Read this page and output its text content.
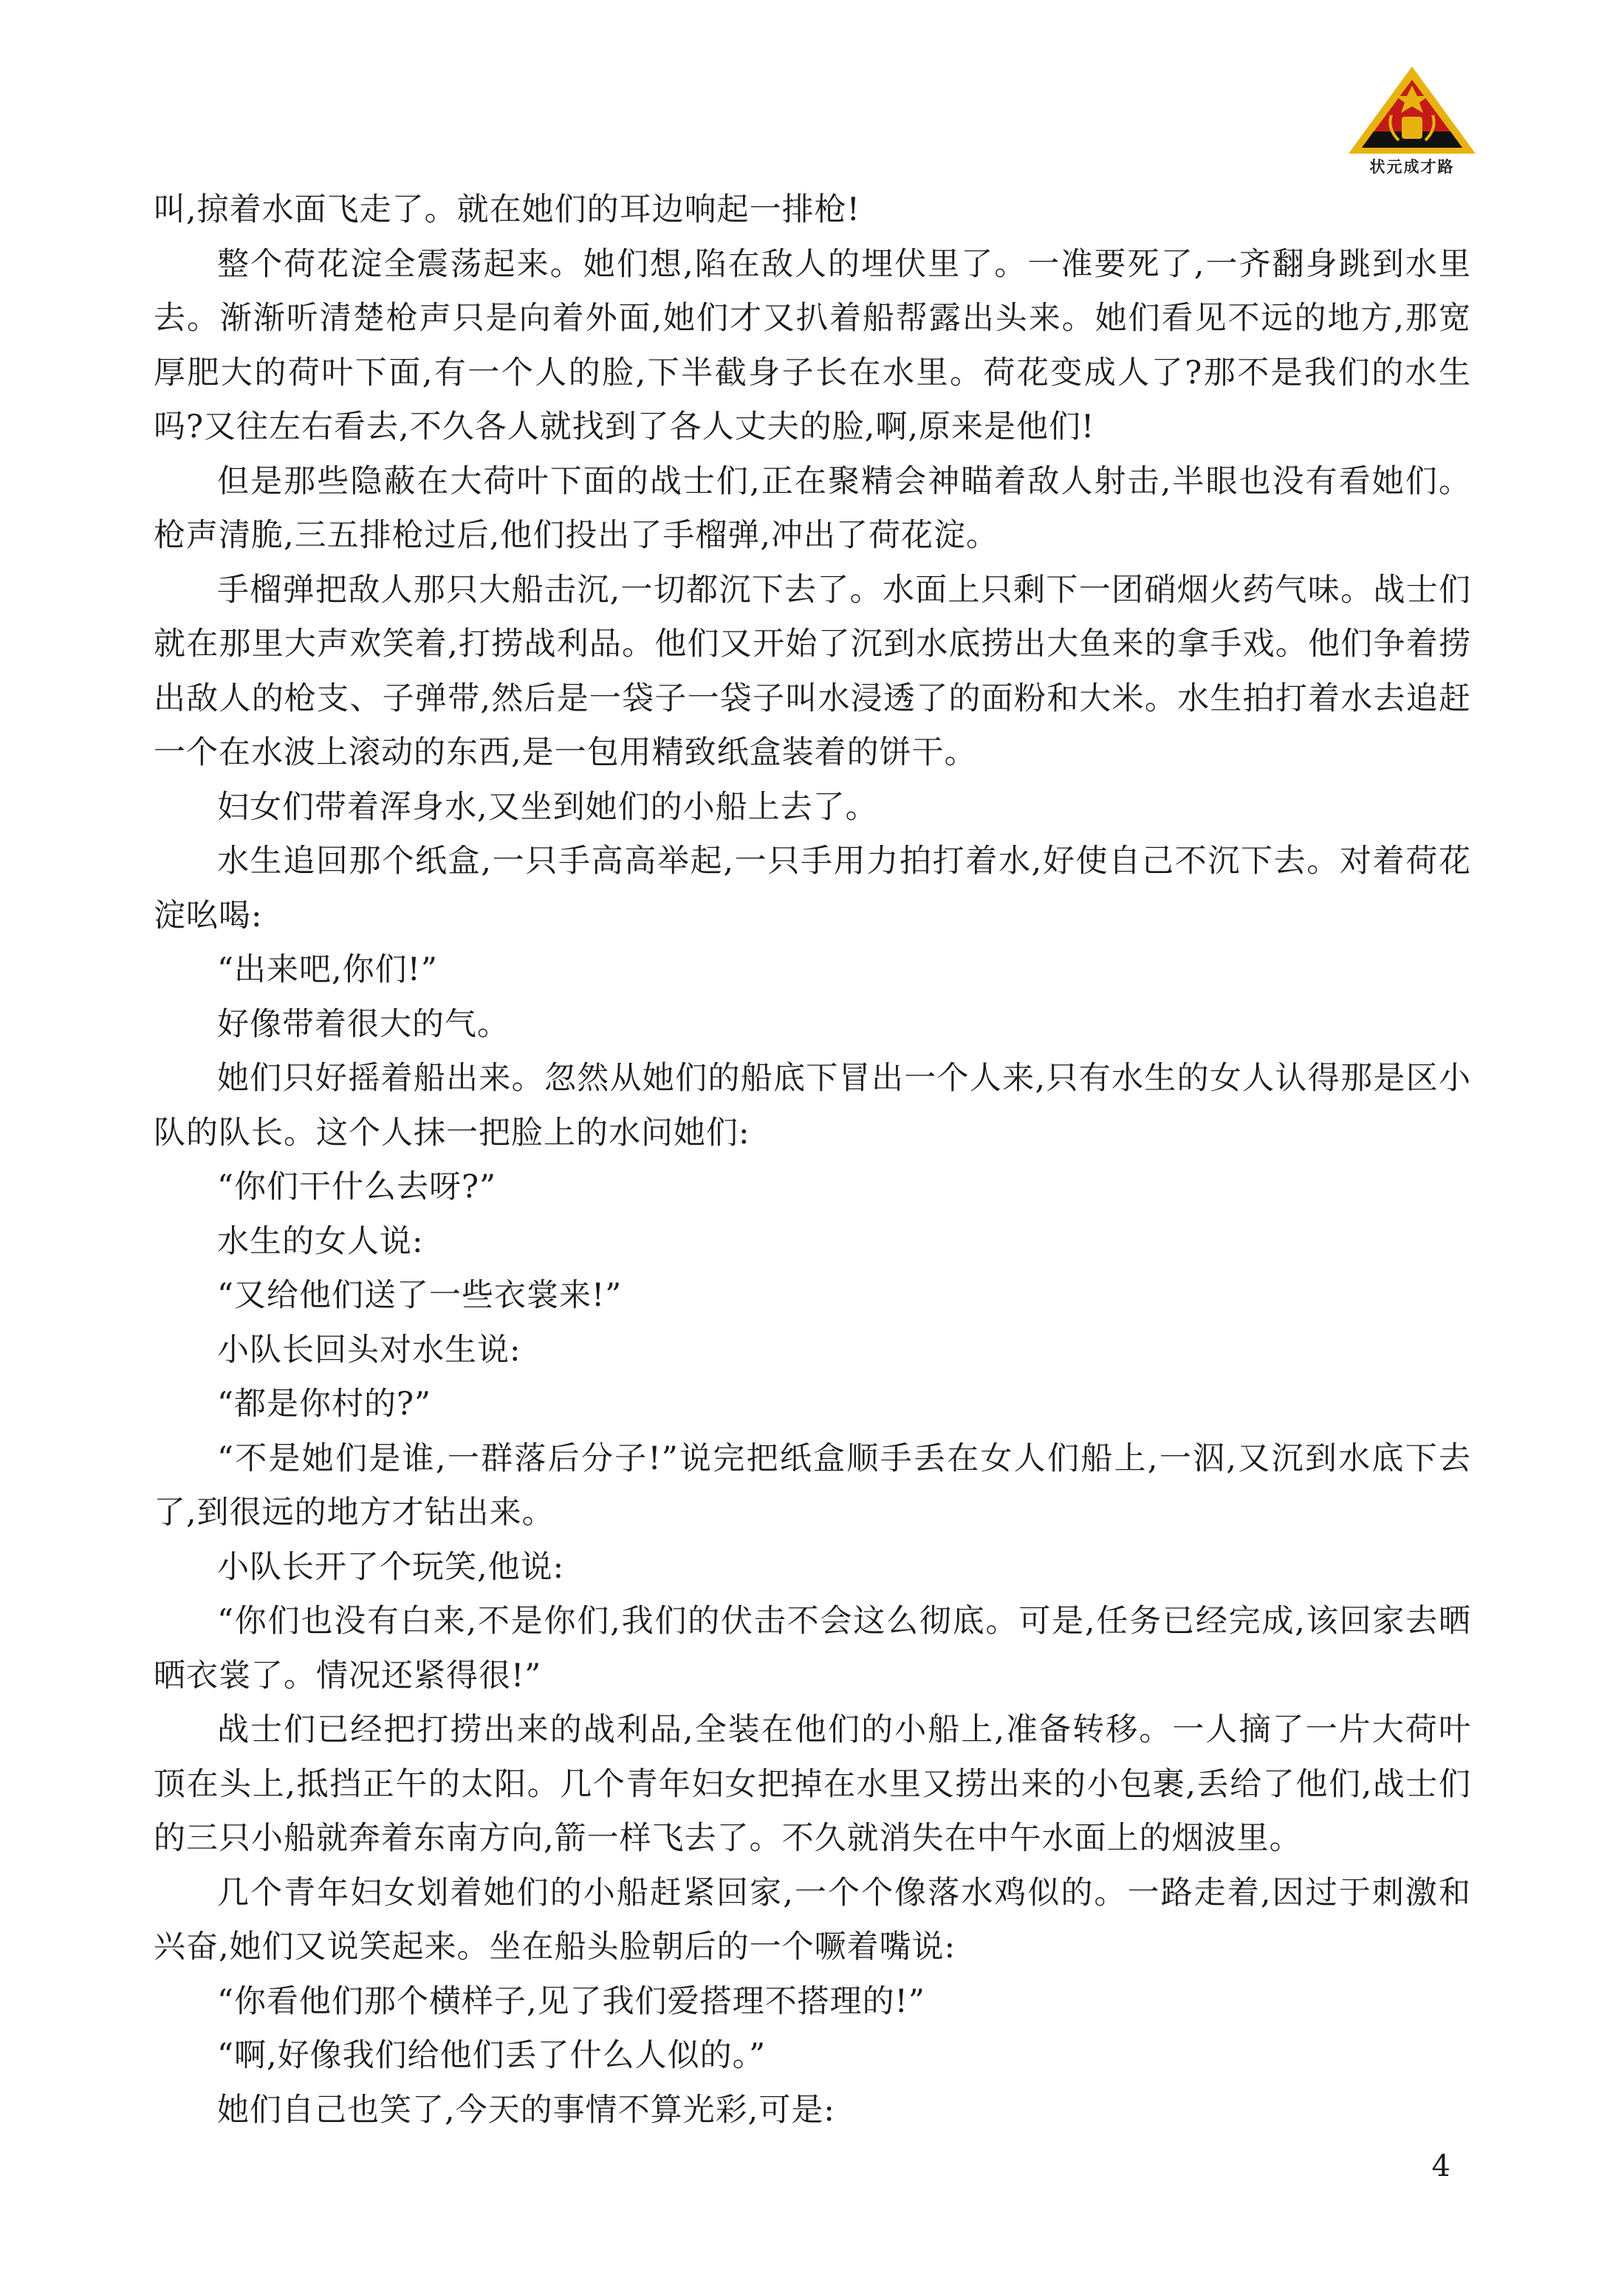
状元成才路

叫,掠着水面飞走了。就在她们的耳边响起一排枪!

整个荷花淀全震荡起来。她们想,陷在敌人的埋伏里了。一准要死了,一齐翻身跳到水里去。渐渐听清楚枪声只是向着外面,她们才又扒着船帮露出头来。她们看见不远的地方,那宽厚肥大的荷叶下面,有一个人的脸,下半截身子长在水里。荷花变成人了?那不是我们的水生吗?又往左右看去,不久各人就找到了各人丈夫的脸,啊,原来是他们!

但是那些隐蔽在大荷叶下面的战士们,正在聚精会神瞄着敌人射击,半眼也没有看她们。枪声清脆,三五排枪过后,他们投出了手榴弹,冲出了荷花淀。

手榴弹把敌人那只大船击沉,一切都沉下去了。水面上只剩下一团硝烟火药气味。战士们就在那里大声欢笑着,打捞战利品。他们又开始了沉到水底捞出大鱼来的拿手戏。他们争着捞出敌人的枪支、子弹带,然后是一袋子一袋子叫水浸透了的面粉和大米。水生拍打着水去追赶一个在水波上滚动的东西,是一包用精致纸盒装着的饼干。

妇女们带着浑身水,又坐到她们的小船上去了。

水生追回那个纸盒,一只手高高举起,一只手用力拍打着水,好使自己不沉下去。对着荷花淀吆喝:

“出来吧,你们!”

好像带着很大的气。

她们只好摇着船出来。忽然从她们的船底下冒出一个人来,只有水生的女人认得那是区小队的队长。这个人抹一把脸上的水问她们:

“你们干什么去呀?”

水生的女人说:

“又给他们送了一些衣裳来!”

小队长回头对水生说:

“都是你村的?”

“不是她们是谁,一群落后分子!”说完把纸盒顺手丢在女人们船上,一泅,又沉到水底下去了,到很远的地方才钻出来。

小队长开了个玩笑,他说:

“你们也没有白来,不是你们,我们的伏击不会这么彻底。可是,任务已经完成,该回家去晒晒衣裳了。情况还紧得很!”

战士们已经把打捞出来的战利品,全装在他们的小船上,准备转移。一人摘了一片大荷叶顶在头上,抵挡正午的太阳。几个青年妇女把掉在水里又捞出来的小包裹,丢给了他们,战士们的三只小船就奔着东南方向,箭一样飞去了。不久就消失在中午水面上的烟波里。

几个青年妇女划着她们的小船赶紧回家,一个个像落水鸡似的。一路走着,因过于刺激和兴奋,她们又说笑起来。坐在船头脸朝后的一个噘着嘴说:

“你看他们那个横样子,见了我们爱搭理不搭理的!”

“啊,好像我们给他们丢了什么人似的。”

她们自己也笑了,今天的事情不算光彩,可是:

4
